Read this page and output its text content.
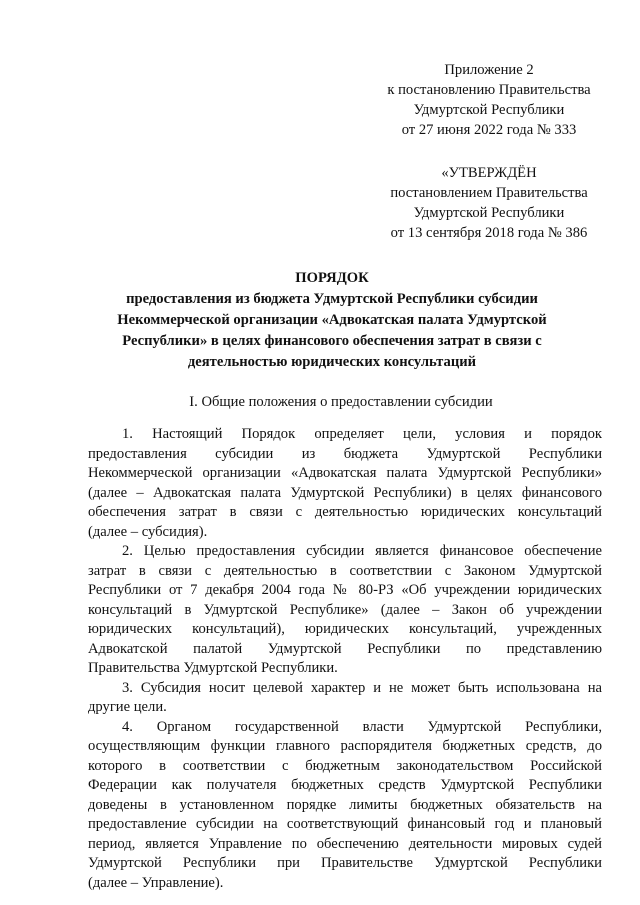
Приложение 2
к постановлению Правительства
Удмуртской Республики
от 27 июня 2022 года № 333
«УТВЕРЖДЁН
постановлением Правительства
Удмуртской Республики
от 13 сентября 2018 года № 386
ПОРЯДОК
предоставления из бюджета Удмуртской Республики субсидии
Некоммерческой организации «Адвокатская палата Удмуртской
Республики» в целях финансового обеспечения затрат в связи с
деятельностью юридических консультаций
I. Общие положения о предоставлении субсидии
1. Настоящий Порядок определяет цели, условия и порядок
предоставления субсидии из бюджета Удмуртской Республики
Некоммерческой организации «Адвокатская палата Удмуртской Республики»
(далее – Адвокатская палата Удмуртской Республики) в целях финансового
обеспечения затрат в связи с деятельностью юридических консультаций
(далее – субсидия).
2. Целью предоставления субсидии является финансовое обеспечение
затрат в связи с деятельностью в соответствии с Законом Удмуртской
Республики от 7 декабря 2004 года № 80-РЗ «Об учреждении юридических
консультаций в Удмуртской Республике» (далее – Закон об учреждении
юридических консультаций), юридических консультаций, учрежденных
Адвокатской палатой Удмуртской Республики по представлению
Правительства Удмуртской Республики.
3. Субсидия носит целевой характер и не может быть использована на
другие цели.
4. Органом государственной власти Удмуртской Республики,
осуществляющим функции главного распорядителя бюджетных средств, до
которого в соответствии с бюджетным законодательством Российской
Федерации как получателя бюджетных средств Удмуртской Республики
доведены в установленном порядке лимиты бюджетных обязательств на
предоставление субсидии на соответствующий финансовый год и плановый
период, является Управление по обеспечению деятельности мировых судей
Удмуртской Республики при Правительстве Удмуртской Республики
(далее – Управление).
